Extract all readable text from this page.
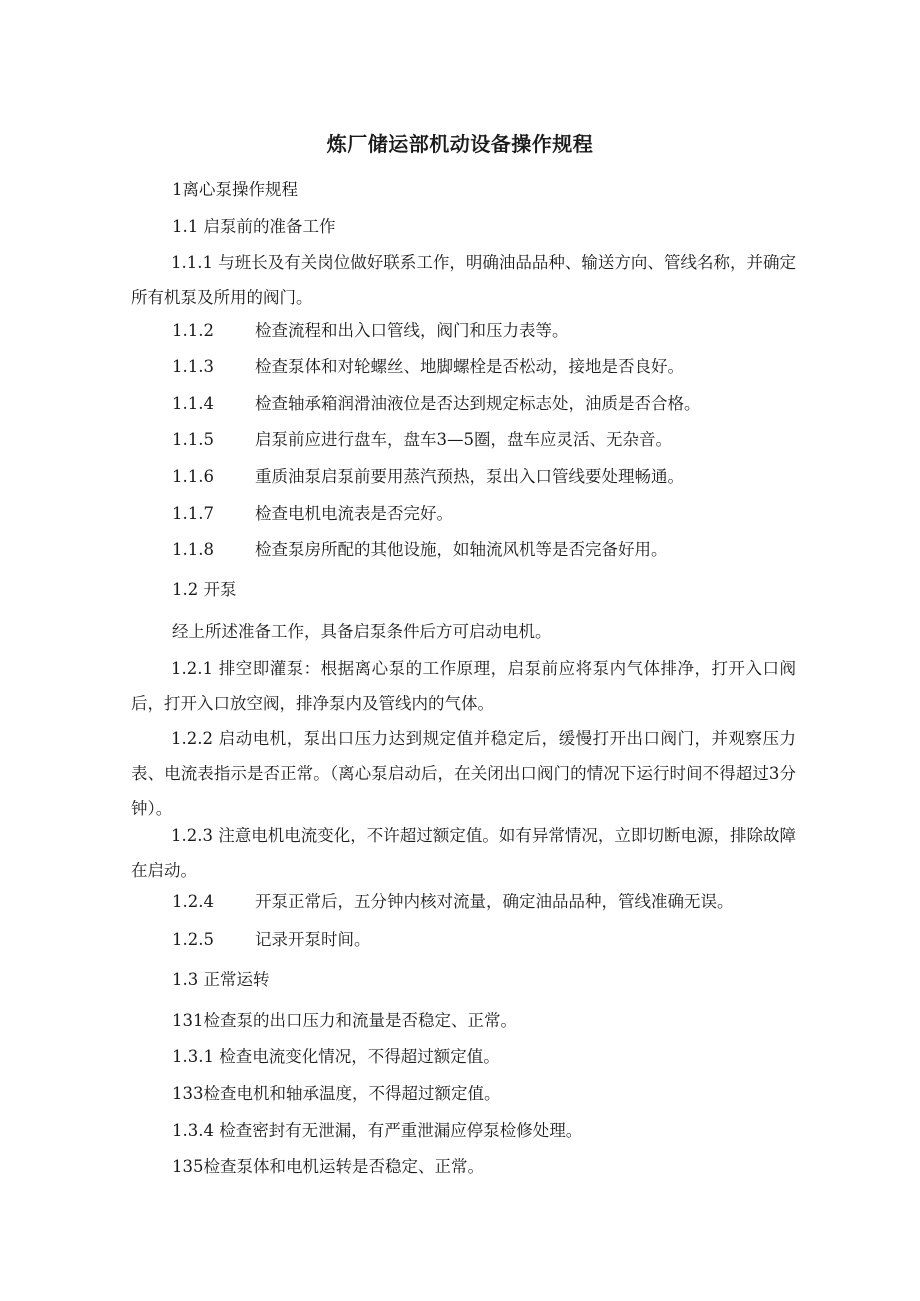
炼厂储运部机动设备操作规程

1离心泵操作规程

1.1 启泵前的准备工作

1.1.1 与班长及有关岗位做好联系工作，明确油品品种、输送方向、管线名称，并确定所有机泵及所用的阀门。

1.1.2 检查流程和出入口管线，阀门和压力表等。

1.1.3 检查泵体和对轮螺丝、地脚螺栓是否松动，接地是否良好。

1.1.4 检查轴承箱润滑油液位是否达到规定标志处，油质是否合格。

1.1.5 启泵前应进行盘车，盘车3—5圈，盘车应灵活、无杂音。

1.1.6 重质油泵启泵前要用蒸汽预热，泵出入口管线要处理畅通。

1.1.7 检查电机电流表是否完好。

1.1.8 检查泵房所配的其他设施，如轴流风机等是否完备好用。

1.2 开泵

经上所述准备工作，具备启泵条件后方可启动电机。

1.2.1 排空即灌泵：根据离心泵的工作原理，启泵前应将泵内气体排净，打开入口阀后，打开入口放空阀，排净泵内及管线内的气体。

1.2.2 启动电机，泵出口压力达到规定值并稳定后，缓慢打开出口阀门，并观察压力表、电流表指示是否正常。（离心泵启动后，在关闭出口阀门的情况下运行时间不得超过3分钟）。

1.2.3 注意电机电流变化，不许超过额定值。如有异常情况，立即切断电源，排除故障在启动。

1.2.4 开泵正常后，五分钟内核对流量，确定油品品种，管线准确无误。

1.2.5 记录开泵时间。

1.3 正常运转

131检查泵的出口压力和流量是否稳定、正常。

1.3.1 检查电流变化情况，不得超过额定值。

133检查电机和轴承温度，不得超过额定值。

1.3.4 检查密封有无泄漏，有严重泄漏应停泵检修处理。

135检查泵体和电机运转是否稳定、正常。
